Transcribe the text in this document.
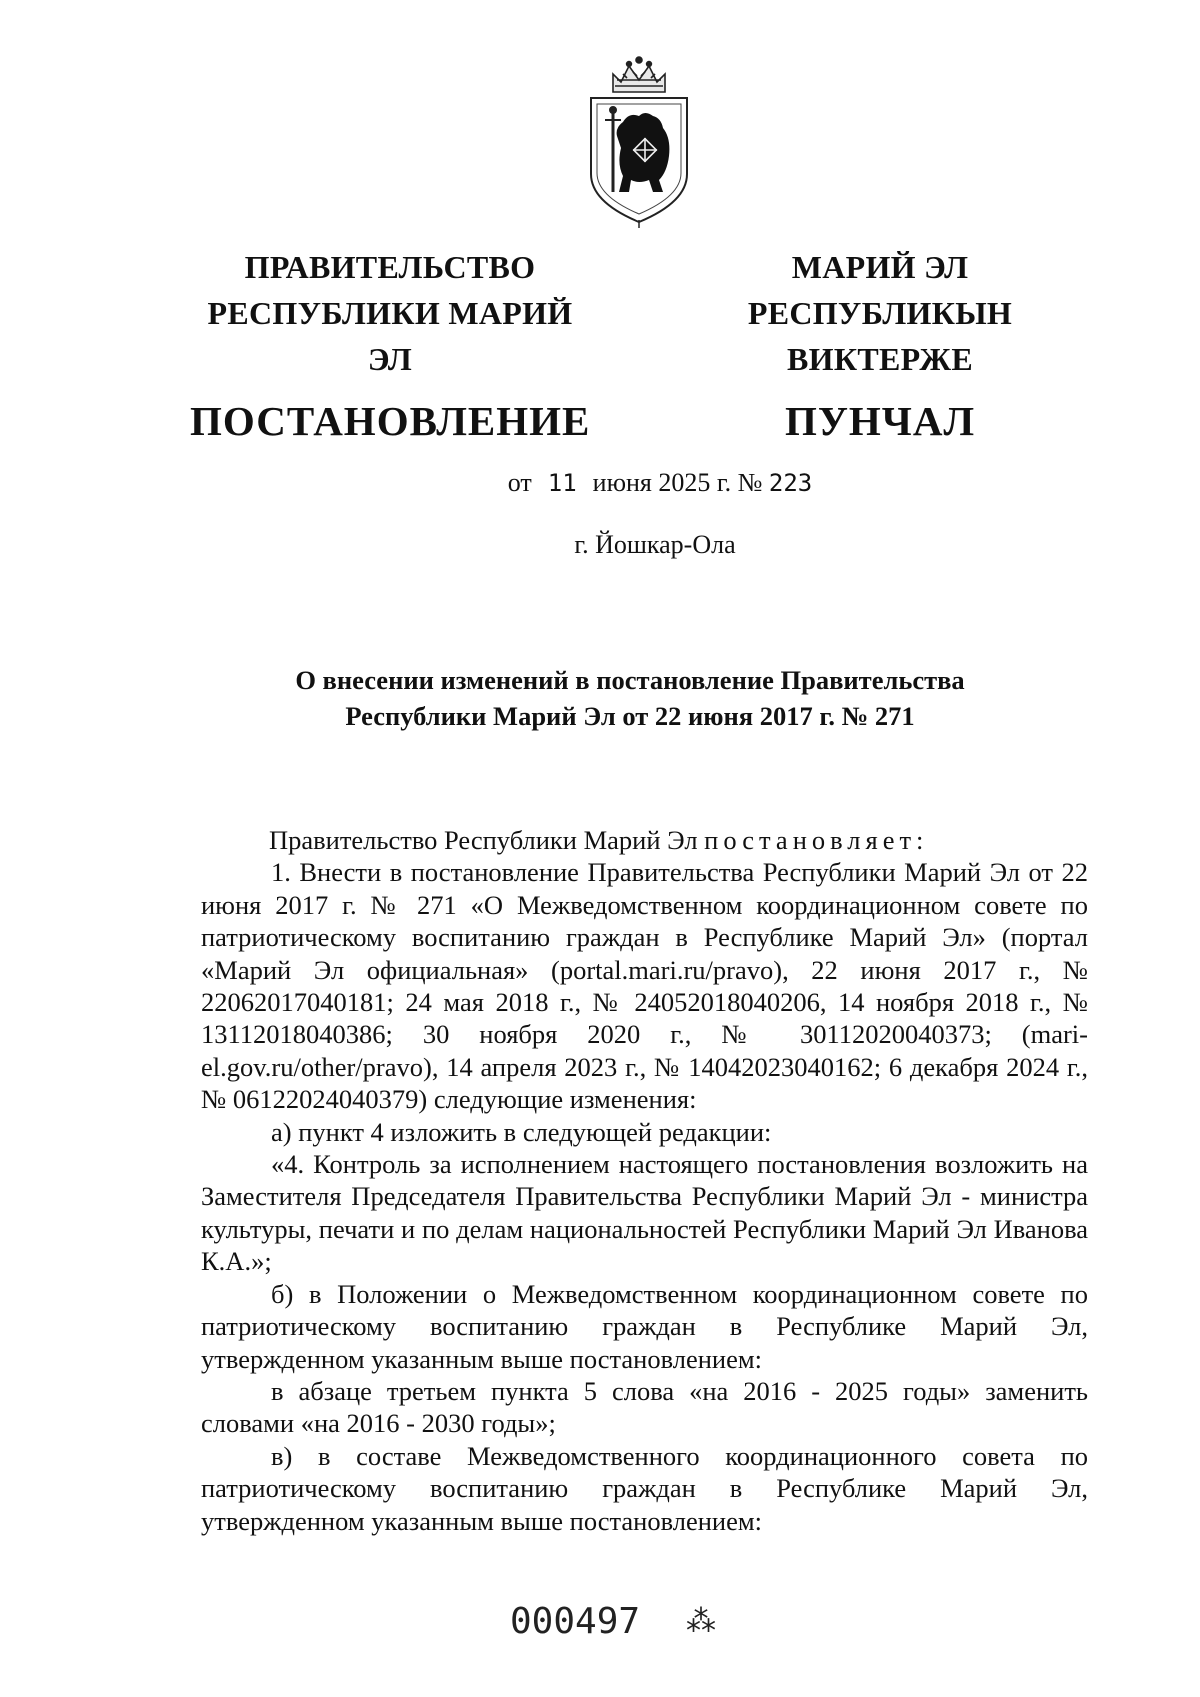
ПРАВИТЕЛЬСТВО
РЕСПУБЛИКИ МАРИЙ ЭЛ
ПОСТАНОВЛЕНИЕ
МАРИЙ ЭЛ РЕСПУБЛИКЫН
ВИКТЕРЖЕ
ПУНЧАЛ
от 11 июня 2025 г. № 223
г. Йошкар-Ола
О внесении изменений в постановление Правительства
Республики Марий Эл от 22 июня 2017 г. № 271

Правительство Республики Марий Эл постановляет:

1. Внести в постановление Правительства Республики Марий Эл от 22 июня 2017 г. № 271 «О Межведомственном координационном совете по патриотическому воспитанию граждан в Республике Марий Эл» (портал «Марий Эл официальная» (portal.mari.ru/pravo), 22 июня 2017 г., № 22062017040181; 24 мая 2018 г., № 24052018040206, 14 ноября 2018 г., № 13112018040386; 30 ноября 2020 г., № 30112020040373; (mari-el.gov.ru/other/pravo), 14 апреля 2023 г., № 14042023040162; 6 декабря 2024 г., № 06122024040379) следующие изменения:

а) пункт 4 изложить в следующей редакции:

«4. Контроль за исполнением настоящего постановления возложить на Заместителя Председателя Правительства Республики Марий Эл - министра культуры, печати и по делам национальностей Республики Марий Эл Иванова К.А.»;

б) в Положении о Межведомственном координационном совете по патриотическому воспитанию граждан в Республике Марий Эл, утвержденном указанным выше постановлением:

в абзаце третьем пункта 5 слова «на 2016 - 2025 годы» заменить словами «на 2016 - 2030 годы»;

в) в составе Межведомственного координационного совета по патриотическому воспитанию граждан в Республике Марий Эл, утвержденном указанным выше постановлением:

000497 ⁂
